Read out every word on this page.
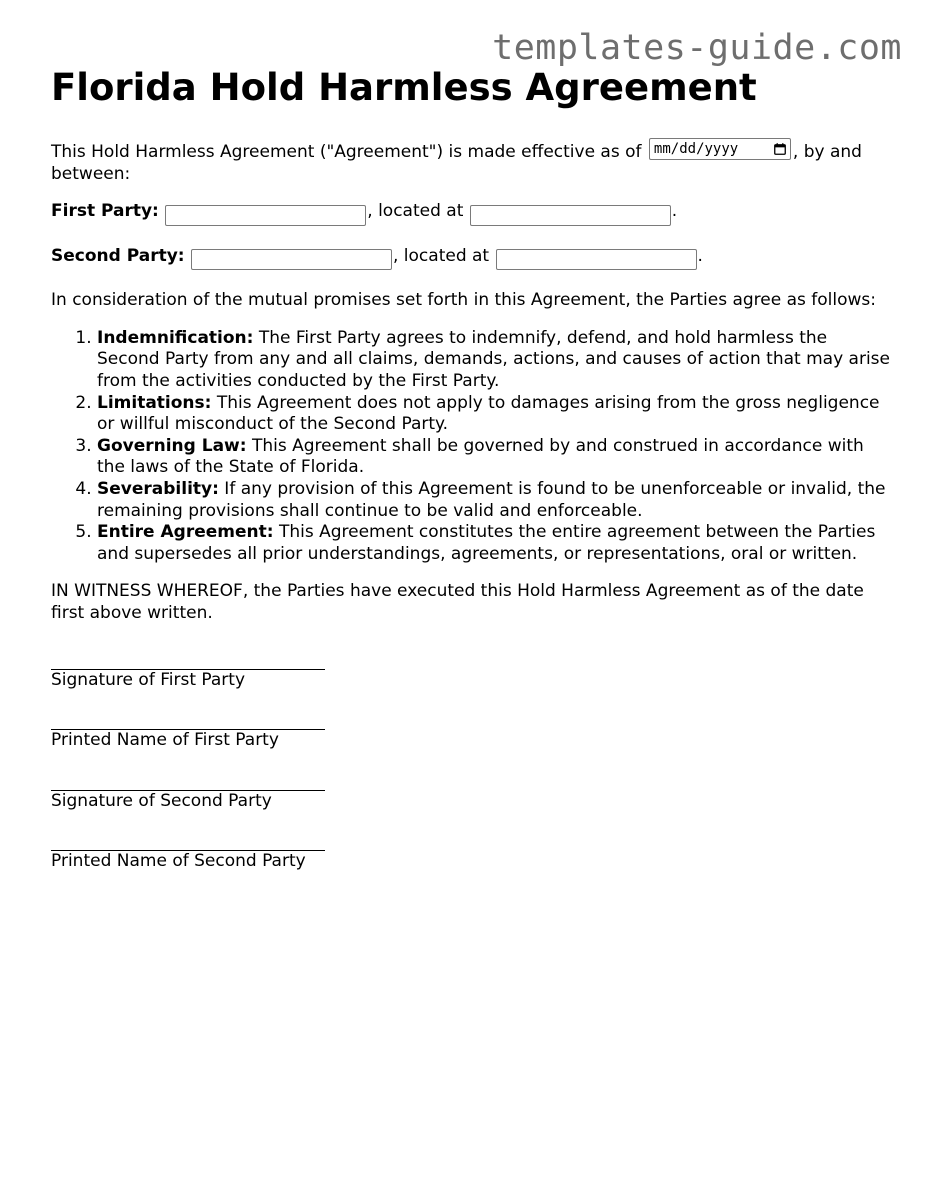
templates-guide.com
Florida Hold Harmless Agreement

This Hold Harmless Agreement ("Agreement") is made effective as of mm/dd/yyyy	, by and between:

First Party:	, located at	.

Second Party:	, located at	.

In consideration of the mutual promises set forth in this Agreement, the Parties agree as follows:

1. Indemnification: The First Party agrees to indemnify, defend, and hold harmless the Second Party from any and all claims, demands, actions, and causes of action that may arise from the activities conducted by the First Party.
2. Limitations: This Agreement does not apply to damages arising from the gross negligence or willful misconduct of the Second Party.
3. Governing Law: This Agreement shall be governed by and construed in accordance with the laws of the State of Florida.
4. Severability: If any provision of this Agreement is found to be unenforceable or invalid, the remaining provisions shall continue to be valid and enforceable.
5. Entire Agreement: This Agreement constitutes the entire agreement between the Parties and supersedes all prior understandings, agreements, or representations, oral or written.

IN WITNESS WHEREOF, the Parties have executed this Hold Harmless Agreement as of the date first above written.

Signature of First Party
Printed Name of First Party
Signature of Second Party
Printed Name of Second Party
